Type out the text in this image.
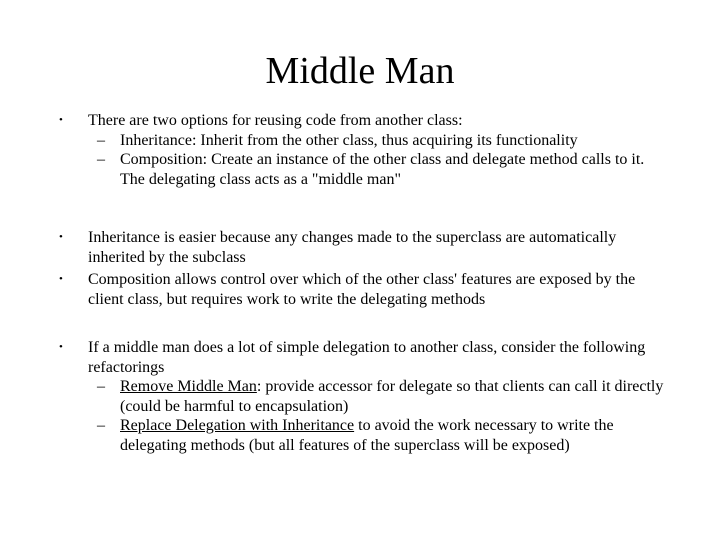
Middle Man
• There are two options for reusing code from another class:
– Inheritance: Inherit from the other class, thus acquiring its functionality
– Composition: Create an instance of the other class and delegate method calls to it. The delegating class acts as a "middle man"
• Inheritance is easier because any changes made to the superclass are automatically inherited by the subclass
• Composition allows control over which of the other class' features are exposed by the client class, but requires work to write the delegating methods
• If a middle man does a lot of simple delegation to another class, consider the following refactorings
– Remove Middle Man: provide accessor for delegate so that clients can call it directly (could be harmful to encapsulation)
– Replace Delegation with Inheritance to avoid the work necessary to write the delegating methods (but all features of the superclass will be exposed)
